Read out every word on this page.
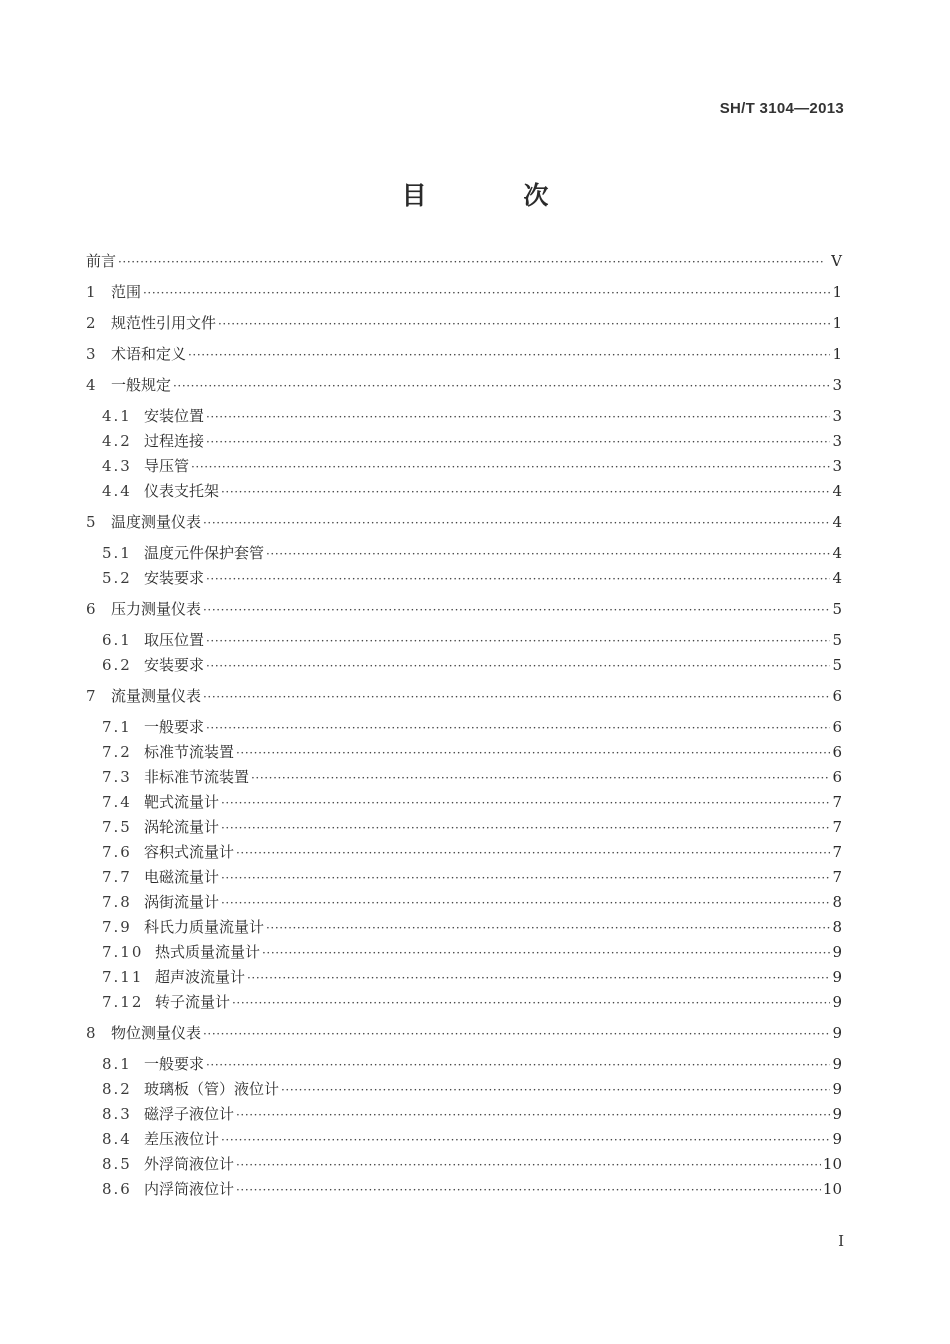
SH/T 3104—2013
目 次
前言 ·····	V
1	范围 ·····	1
2	规范性引用文件 ·····	1
3	术语和定义 ·····	1
4	一般规定 ·····	3
4.1 安装位置 ·····	3
4.2 过程连接 ·····	3
4.3 导压管 ·····	3
4.4 仪表支托架 ·····	4
5	温度测量仪表 ·····	4
5.1 温度元件保护套管 ·····	4
5.2 安装要求 ·····	4
6	压力测量仪表 ·····	5
6.1 取压位置 ·····	5
6.2 安装要求 ·····	5
7	流量测量仪表 ·····	6
7.1 一般要求 ·····	6
7.2 标准节流装置 ·····	6
7.3 非标准节流装置 ·····	6
7.4 靶式流量计 ·····	7
7.5 涡轮流量计 ·····	7
7.6 容积式流量计 ·····	7
7.7 电磁流量计 ·····	7
7.8 涡街流量计 ·····	8
7.9 科氏力质量流量计 ·····	8
7.10 热式质量流量计 ·····	9
7.11 超声波流量计 ·····	9
7.12 转子流量计 ·····	9
8	物位测量仪表 ·····	9
8.1 一般要求 ·····	9
8.2 玻璃板（管）液位计 ·····	9
8.3 磁浮子液位计 ·····	9
8.4 差压液位计 ·····	9
8.5 外浮筒液位计 ·····	10
8.6 内浮筒液位计 ·····	10
I
